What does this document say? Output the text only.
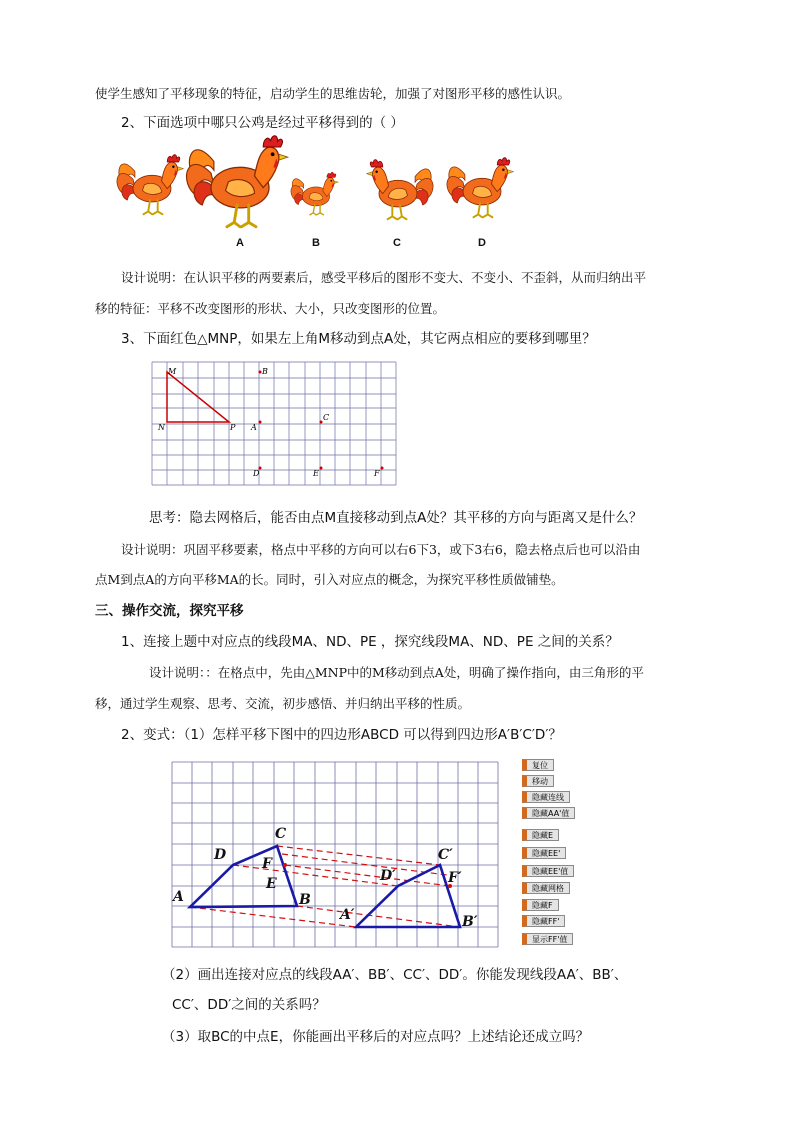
使学生感知了平移现象的特征，启动学生的思维齿轮，加强了对图形平移的感性认识。
2、下面选项中哪只公鸡是经过平移得到的（ ）
A	B	C	D
设计说明：在认识平移的两要素后，感受平移后的图形不变大、不变小、不歪斜，从而归纳出平
移的特征：平移不改变图形的形状、大小，只改变图形的位置。
3、下面红色△MNP，如果左上角M移动到点A处，其它两点相应的要移到哪里？
M
N	P
B
A
C
D	E	F
思考：隐去网格后，能否由点M直接移动到点A处？其平移的方向与距离又是什么？
设计说明：巩固平移要素，格点中平移的方向可以右6下3，或下3右6，隐去格点后也可以沿由
点M到点A的方向平移MA的长。同时，引入对应点的概念，为探究平移性质做铺垫。
三、操作交流，探究平移
1、连接上题中对应点的线段MA、ND、PE ，探究线段MA、ND、PE 之间的关系？
设计说明：：在格点中，先由△MNP中的M移动到点A处，明确了操作指向，由三角形的平
移，通过学生观察、思考、交流，初步感悟、并归纳出平移的性质。
2、变式：（1）怎样平移下图中的四边形ABCD 可以得到四边形A′B′C′D′？
A	B
C
D
E
F
A′	B′
C′
D′	F′
复位
移动
隐藏连线
隐藏AA'值
隐藏E
隐藏EE'
隐藏EE'值
隐藏网格
隐藏F
隐藏FF'
显示FF'值
（2）画出连接对应点的线段AA′、BB′、CC′、DD′。你能发现线段AA′、BB′、
CC′、DD′之间的关系吗？
（3）取BC的中点E，你能画出平移后的对应点吗？上述结论还成立吗？
